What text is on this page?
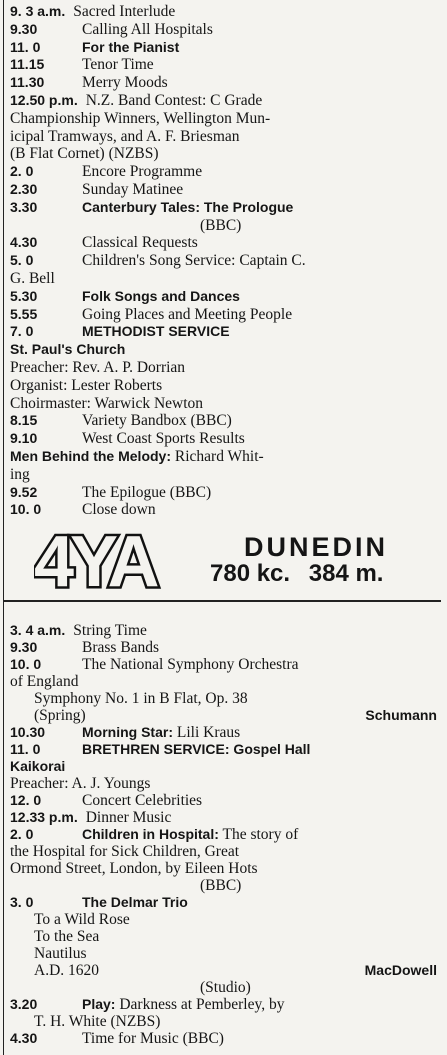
9. 3 a.m. Sacred Interlude
9.30	Calling All Hospitals
11. 0	For the Pianist
11.15 Tenor Time
11.30 Merry Moods
12.50 p.m. N.Z. Band Contest: C Grade
Championship Winners, Wellington Mun-
icipal Tramways, and A. F. Briesman
(B Flat Cornet) (NZBS)
2. 0	Encore Programme
2.30	Sunday Matinee
3.30	Canterbury Tales: The Prologue
(BBC)
4.30	Classical Requests
5. 0	Children's Song Service: Captain C.
G. Bell
5.30	Folk Songs and Dances
5.55	Going Places and Meeting People
7. 0	METHODIST SERVICE
St. Paul's Church
Preacher: Rev. A. P. Dorrian
Organist: Lester Roberts
Choirmaster: Warwick Newton
8.15	Variety Bandbox (BBC)
9.10	West Coast Sports Results
Men Behind the Melody: Richard Whit-
ing
9.52	The Epilogue (BBC)
10. 0	Close down
4YA	DUNEDIN
780 kc. 384 m.
3. 4 a.m. String Time
9.30	Brass Bands
10. 0	The National Symphony Orchestra
of England
Symphony No. 1 in B Flat, Op. 38
(Spring)	Schumann
10.30	Morning Star: Lili Kraus
11. 0	BRETHREN SERVICE: Gospel Hall
Kaikorai
Preacher: A. J. Youngs
12. 0	Concert Celebrities
12.33 p.m. Dinner Music
2. 0	Children in Hospital: The story of
the Hospital for Sick Children, Great
Ormond Street, London, by Eileen Hots
(BBC)
3. 0	The Delmar Trio
To a Wild Rose
To the Sea
Nautilus
A.D. 1620	MacDowell
(Studio)
3.20	Play: Darkness at Pemberley, by
T. H. White (NZBS)
4.30	Time for Music (BBC)
